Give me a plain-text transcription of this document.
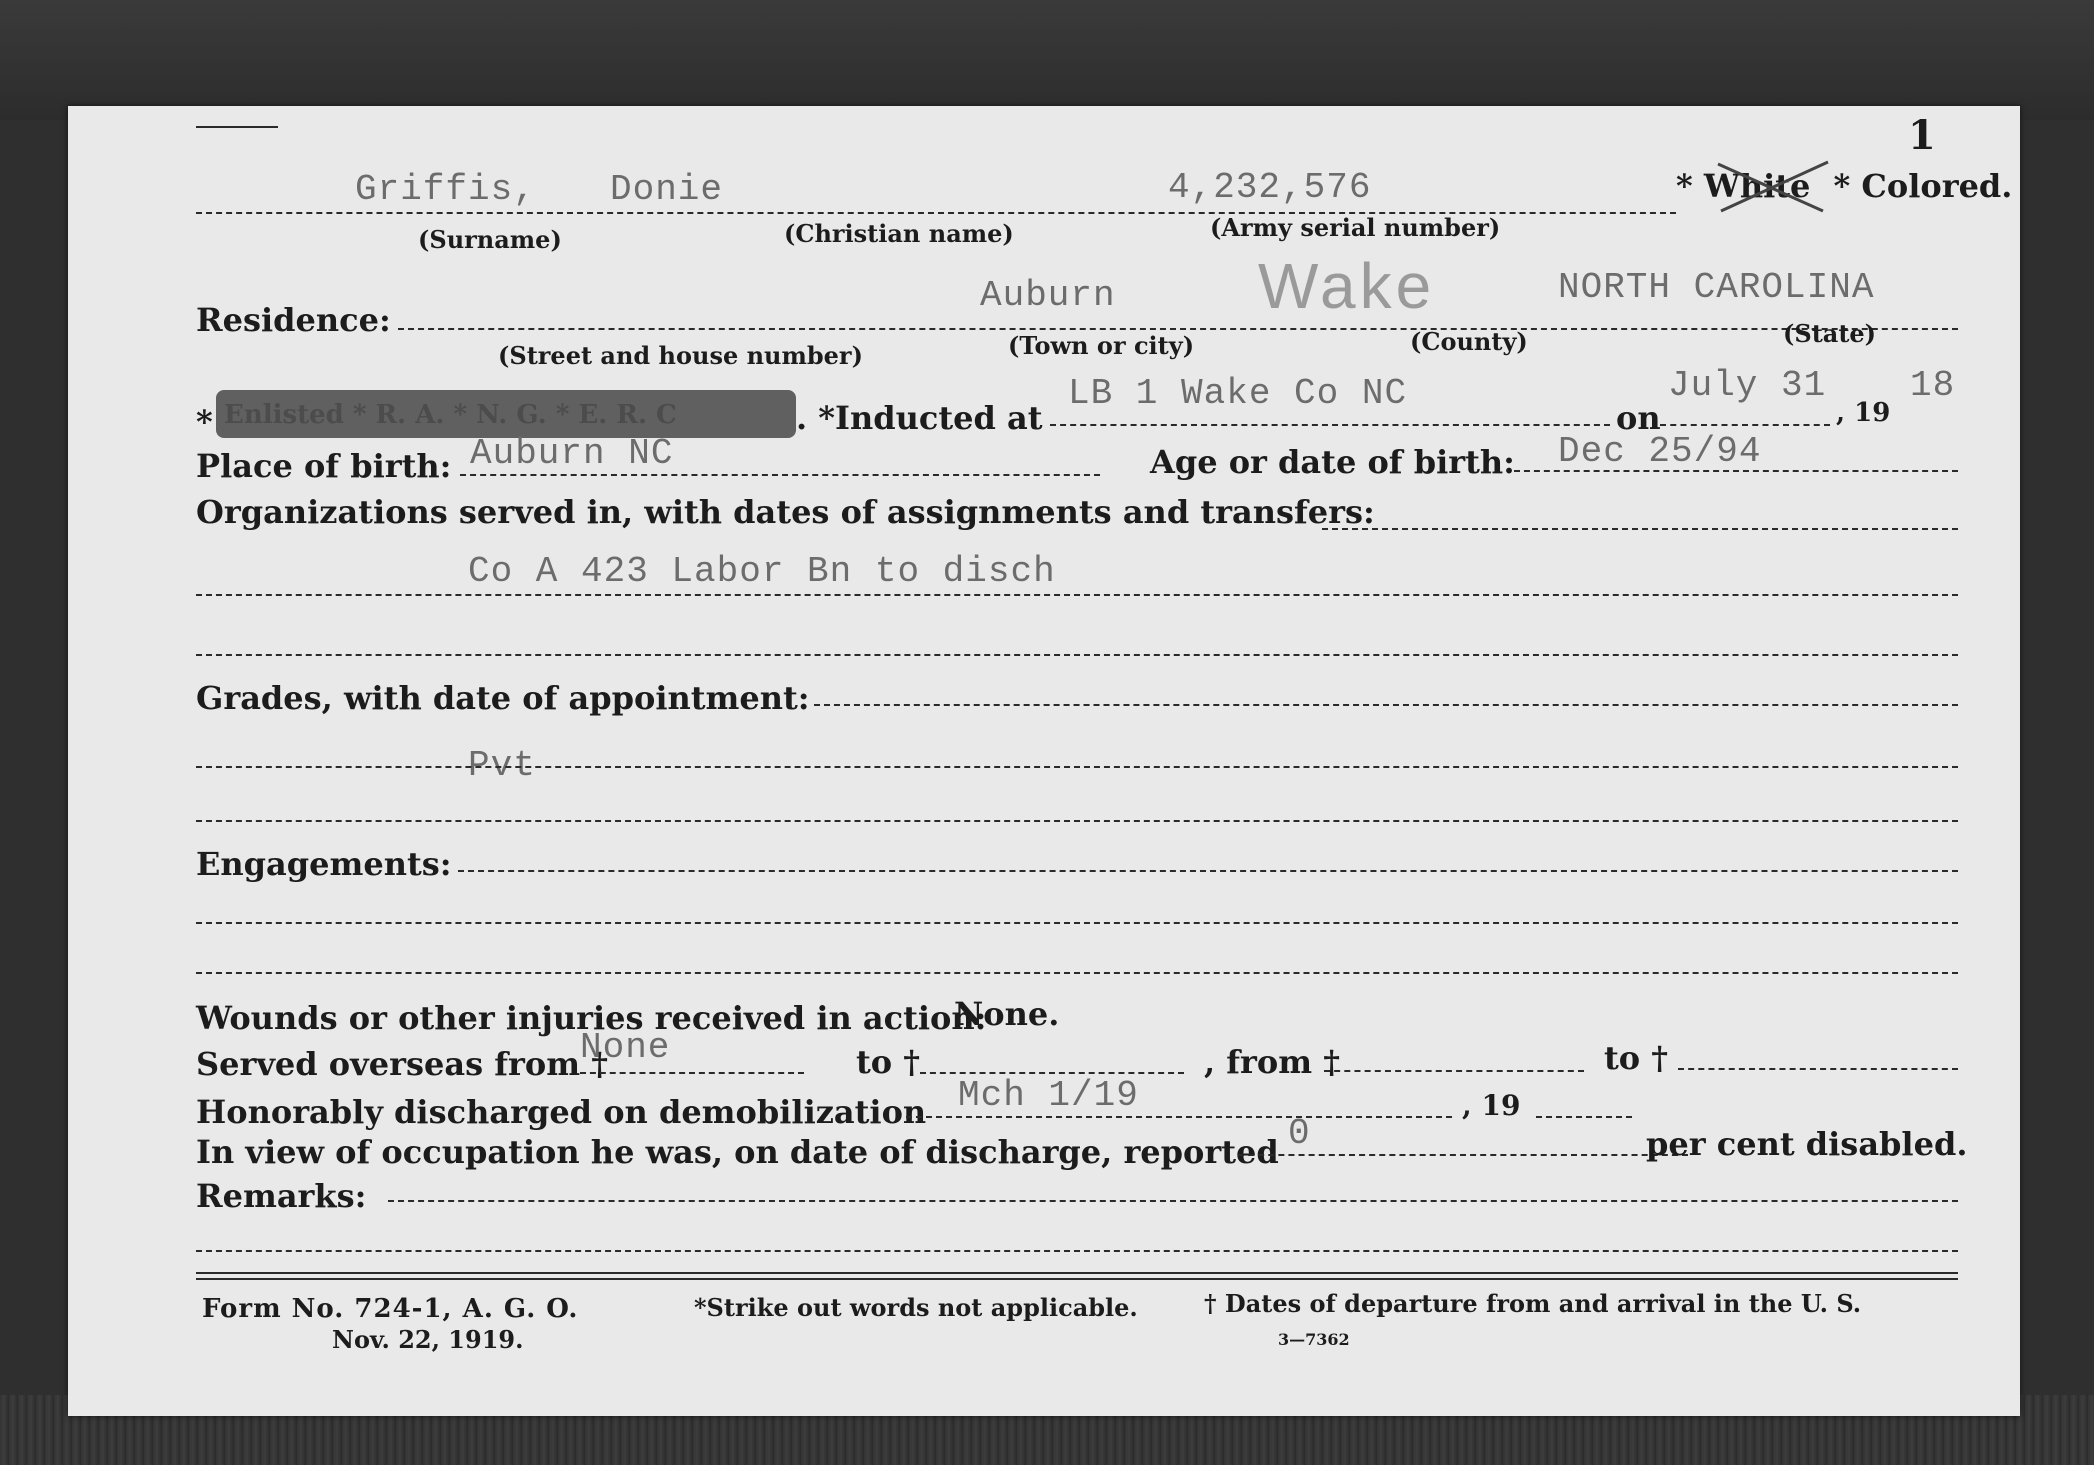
1
Griffis, Donie	4,232,576	* White * Colored.
(Surname)	(Christian name)	(Army serial number)
Residence:
Auburn Wake	NORTH CAROLINA
(Street and house number)	(Town or city)	(County)	(State)
* Enlisted * R. A. * N. G. * E. R. C	. *Inducted at
LB 1 Wake Co NC
on
July 31
, 19
18
Place of birth: Auburn NC	Age or date of birth: Dec 25/94
Organizations served in, with dates of assignments and transfers:
Co A 423 Labor Bn to disch
Grades, with date of appointment:
Pvt
Engagements:
Wounds or other injuries received in action:
None.
Served overseas from †
None	to †	, from †	to †
Honorably discharged on demobilization Mch 1/19	, 19
In view of occupation he was, on date of discharge, reported 0	per cent disabled.
Remarks:
Form No. 724-1, A. G. O.
Nov. 22, 1919.
*Strike out words not applicable.	† Dates of departure from and arrival in the U. S.
3—7362
